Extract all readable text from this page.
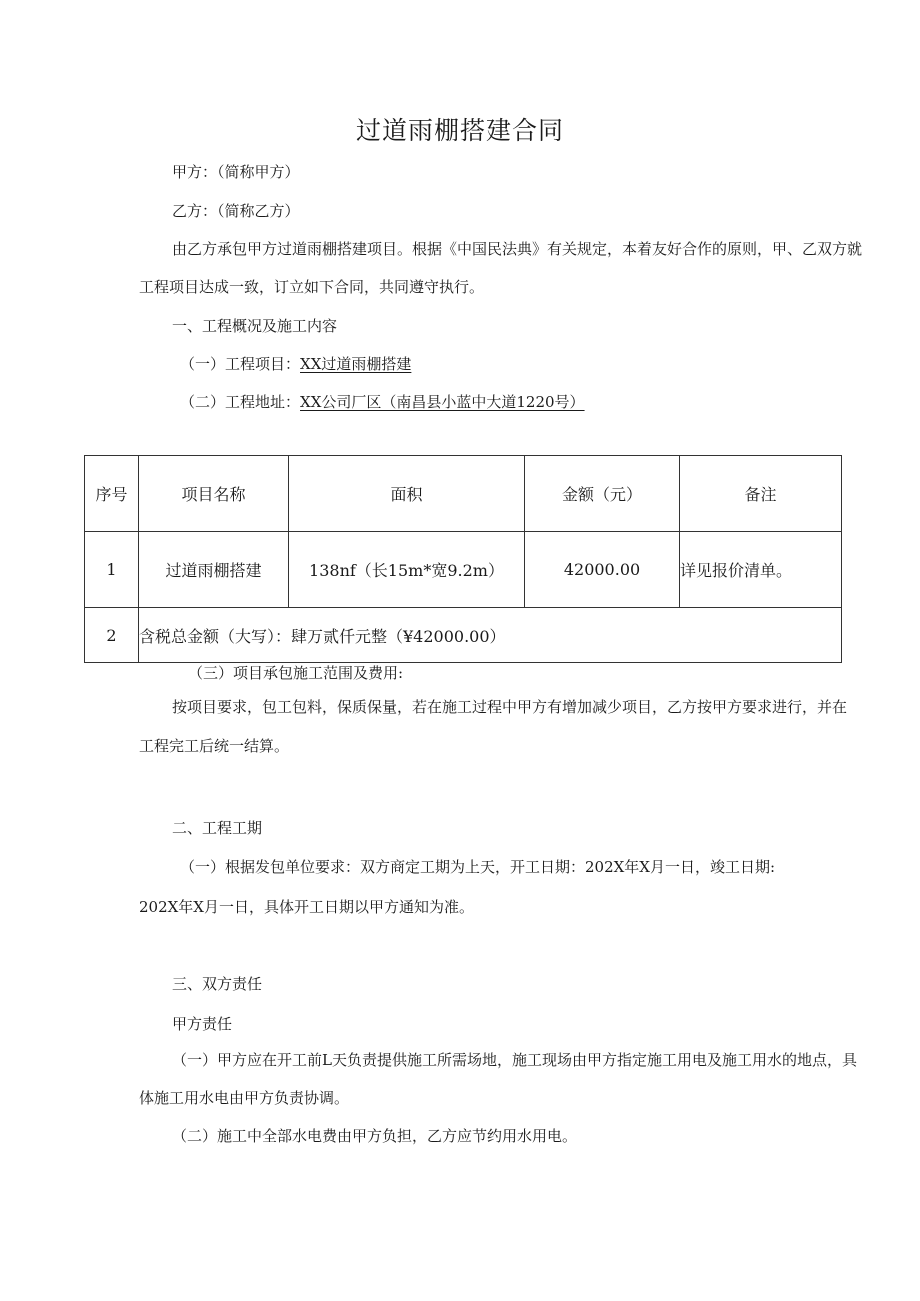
过道雨棚搭建合同
甲方：（简称甲方）
乙方：（简称乙方）
由乙方承包甲方过道雨棚搭建项目。根据《中国民法典》有关规定，本着友好合作的原则，甲、乙双方就
工程项目达成一致，订立如下合同，共同遵守执行。
一、工程概况及施工内容
（一）工程项目：XX过道雨棚搭建
（二）工程地址：XX公司厂区（南昌县小蓝中大道1220号）
序号	项目名称	面积	金额（元）	备注
1	过道雨棚搭建	138nf（长15m*宽9.2m）	42000.00	详见报价清单。
2	含税总金额（大写）：肆万贰仟元整（¥42000.00）			
（三）项目承包施工范围及费用:
按项目要求，包工包料，保质保量，若在施工过程中甲方有增加减少项目，乙方按甲方要求进行，并在
工程完工后统一结算。
二、工程工期
（一）根据发包单位要求：双方商定工期为上天，开工日期：202X年X月一日，竣工日期:
202X年X月一日，具体开工日期以甲方通知为准。
三、双方责任
甲方责任
（一）甲方应在开工前L天负责提供施工所需场地，施工现场由甲方指定施工用电及施工用水的地点，具
体施工用水电由甲方负责协调。
（二）施工中全部水电费由甲方负担，乙方应节约用水用电。
